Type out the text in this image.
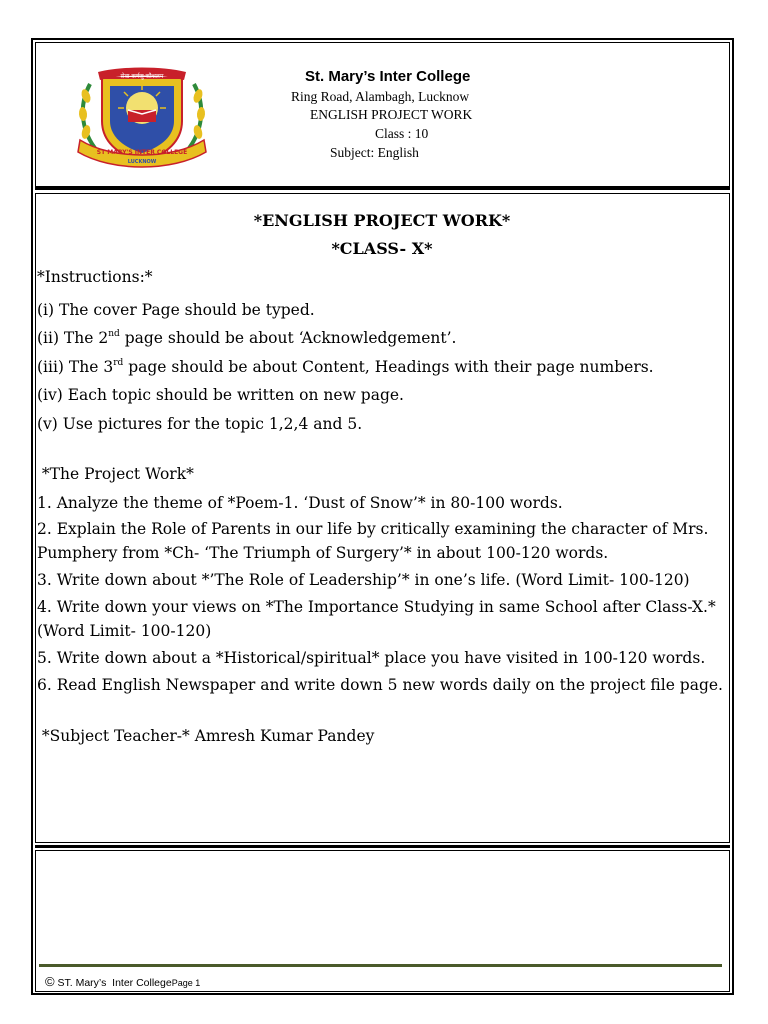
सेवा कर्मसु कौशलम
ST MARY'S INTER COLLEGE
LUCKNOW
St. Mary’s Inter College
Ring Road, Alambagh, Lucknow
ENGLISH PROJECT WORK
Class : 10
Subject: English
*ENGLISH PROJECT WORK*
*CLASS- X*
*Instructions:*
(i) The cover Page should be typed.
(ii) The 2nd page should be about ‘Acknowledgement’.
(iii) The 3rd page should be about Content, Headings with their page numbers.
(iv) Each topic should be written on new page.
(v) Use pictures for the topic 1,2,4 and 5.
*The Project Work*
1. Analyze the theme of *Poem-1. ‘Dust of Snow’* in 80-100 words.
2. Explain the Role of Parents in our life by critically examining the character of Mrs. Pumphery from *Ch- ‘The Triumph of Surgery’* in about 100-120 words.
3. Write down about *’The Role of Leadership’* in one’s life. (Word Limit- 100-120)
4. Write down your views on *The Importance Studying in same School after Class-X.* (Word Limit- 100-120)
5. Write down about a *Historical/spiritual* place you have visited in 100-120 words.
6. Read English Newspaper and write down 5 new words daily on the project file page.
*Subject Teacher-* Amresh Kumar Pandey
© ST. Mary’s  Inter CollegePage 1
